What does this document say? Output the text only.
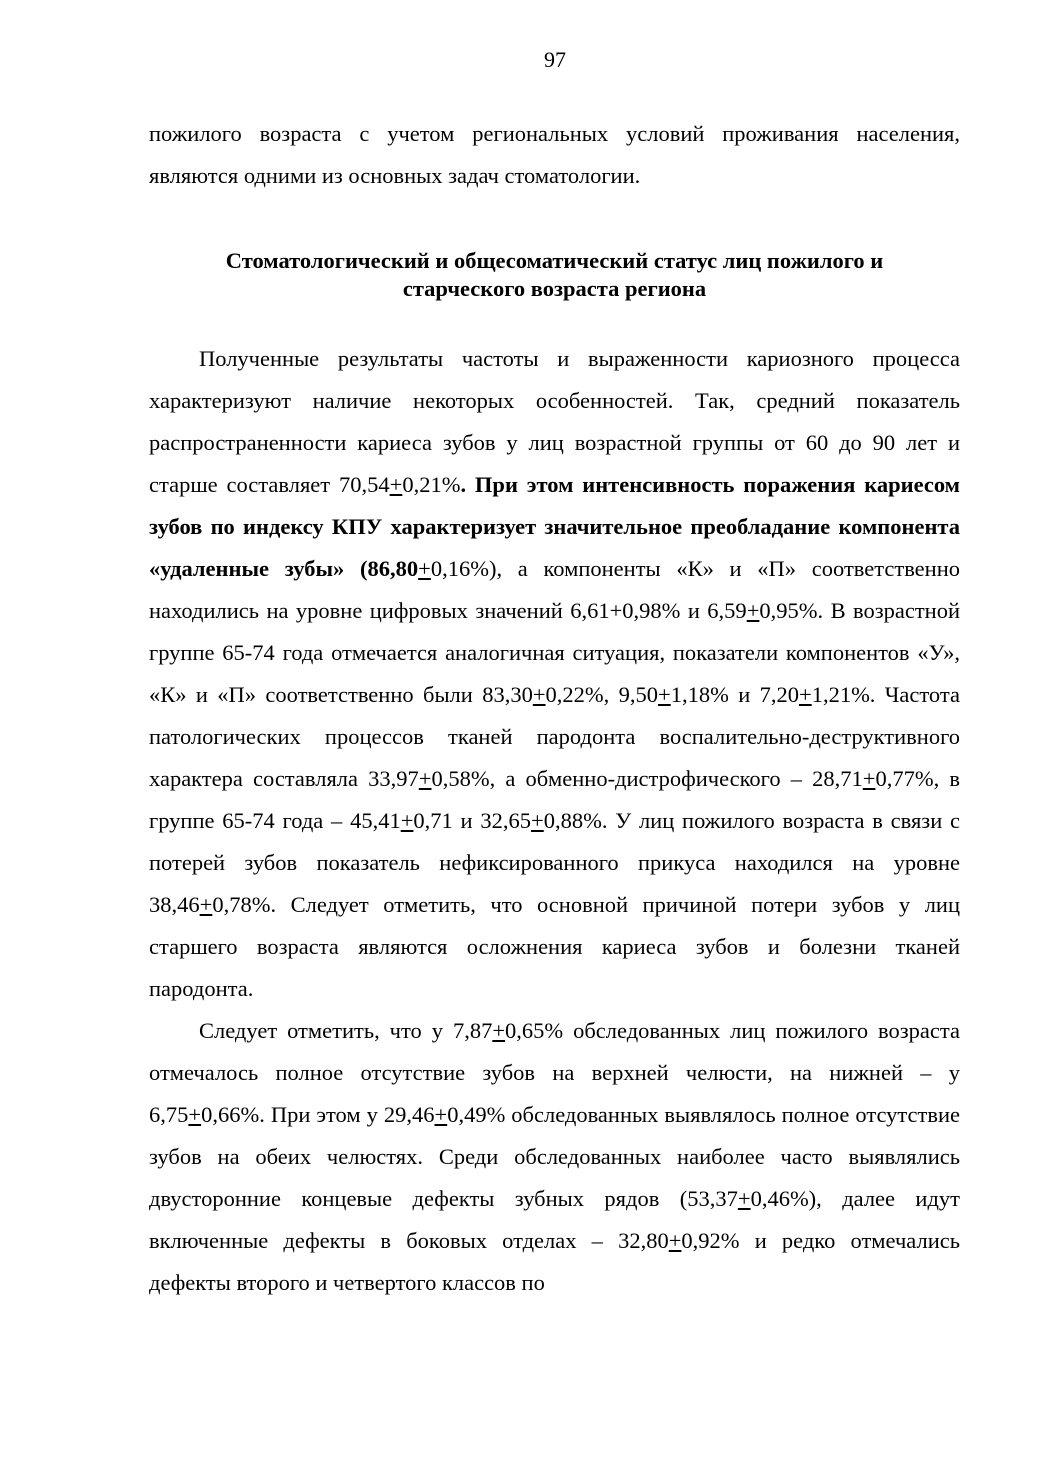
97

пожилого возраста с учетом региональных условий проживания населения, являются одними из основных задач стоматологии.

Стоматологический и общесоматический статус лиц пожилого и
старческого возраста региона

Полученные результаты частоты и выраженности кариозного процесса характеризуют наличие некоторых особенностей. Так, средний показатель распространенности кариеса зубов у лиц возрастной группы от 60 до 90 лет и старше составляет 70,54+0,21%. При этом интенсивность поражения кариесом зубов по индексу КПУ характеризует значительное преобладание компонента «удаленные зубы» (86,80+0,16%), а компоненты «К» и «П» соответственно находились на уровне цифровых значений 6,61+0,98% и 6,59+0,95%. В возрастной группе 65-74 года отмечается аналогичная ситуация, показатели компонентов «У», «К» и «П» соответственно были 83,30+0,22%, 9,50+1,18% и 7,20+1,21%. Частота патологических процессов тканей пародонта воспалительно-деструктивного характера составляла 33,97+0,58%, а обменно-дистрофического – 28,71+0,77%, в группе 65-74 года – 45,41+0,71 и 32,65+0,88%. У лиц пожилого возраста в связи с потерей зубов показатель нефиксированного прикуса находился на уровне 38,46+0,78%. Следует отметить, что основной причиной потери зубов у лиц старшего возраста являются осложнения кариеса зубов и болезни тканей пародонта.

Следует отметить, что у 7,87+0,65% обследованных лиц пожилого возраста отмечалось полное отсутствие зубов на верхней челюсти, на нижней – у 6,75+0,66%. При этом у 29,46+0,49% обследованных выявлялось полное отсутствие зубов на обеих челюстях. Среди обследованных наиболее часто выявлялись двусторонние концевые дефекты зубных рядов (53,37+0,46%), далее идут включенные дефекты в боковых отделах – 32,80+0,92% и редко отмечались дефекты второго и четвертого классов по
